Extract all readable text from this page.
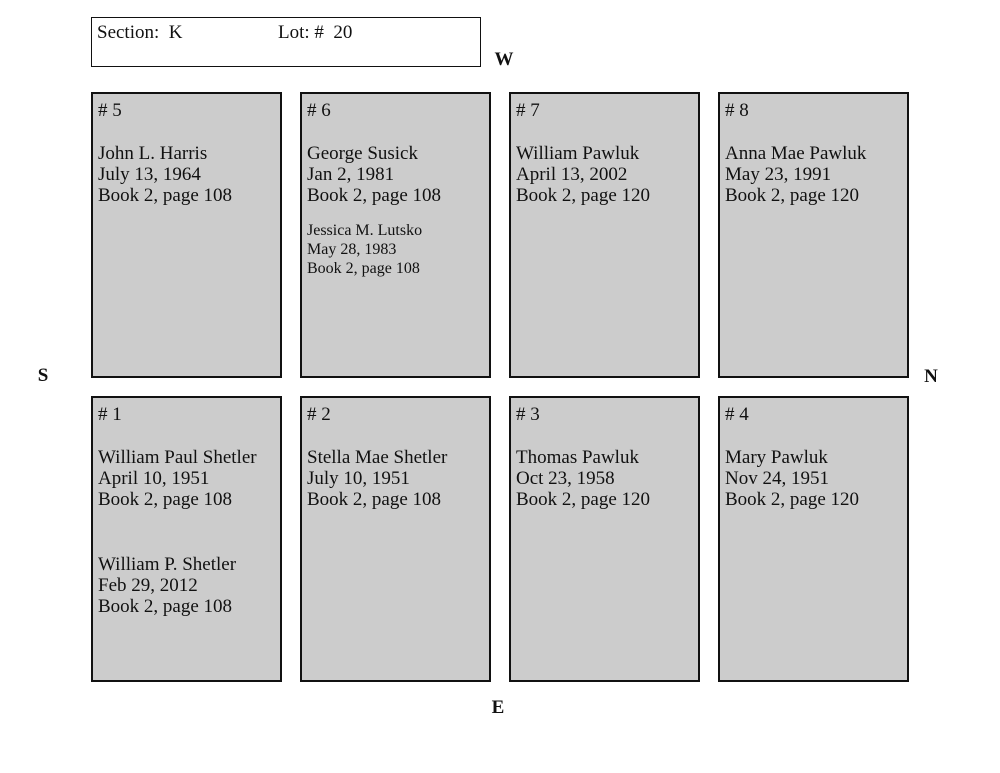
Section:  K	Lot: #  20
W
E
S	N
# 5
John L. Harris
July 13, 1964
Book 2, page 108
# 6
George Susick
Jan 2, 1981
Book 2, page 108
Jessica M. Lutsko
May 28, 1983
Book 2, page 108
# 7
William Pawluk
April 13, 2002
Book 2, page 120
# 8
Anna Mae Pawluk
May 23, 1991
Book 2, page 120
# 1
William Paul Shetler
April 10, 1951
Book 2, page 108
William P. Shetler
Feb 29, 2012
Book 2, page 108
# 2
Stella Mae Shetler
July 10, 1951
Book 2, page 108
# 3
Thomas Pawluk
Oct 23, 1958
Book 2, page 120
# 4
Mary Pawluk
Nov 24, 1951
Book 2, page 120
